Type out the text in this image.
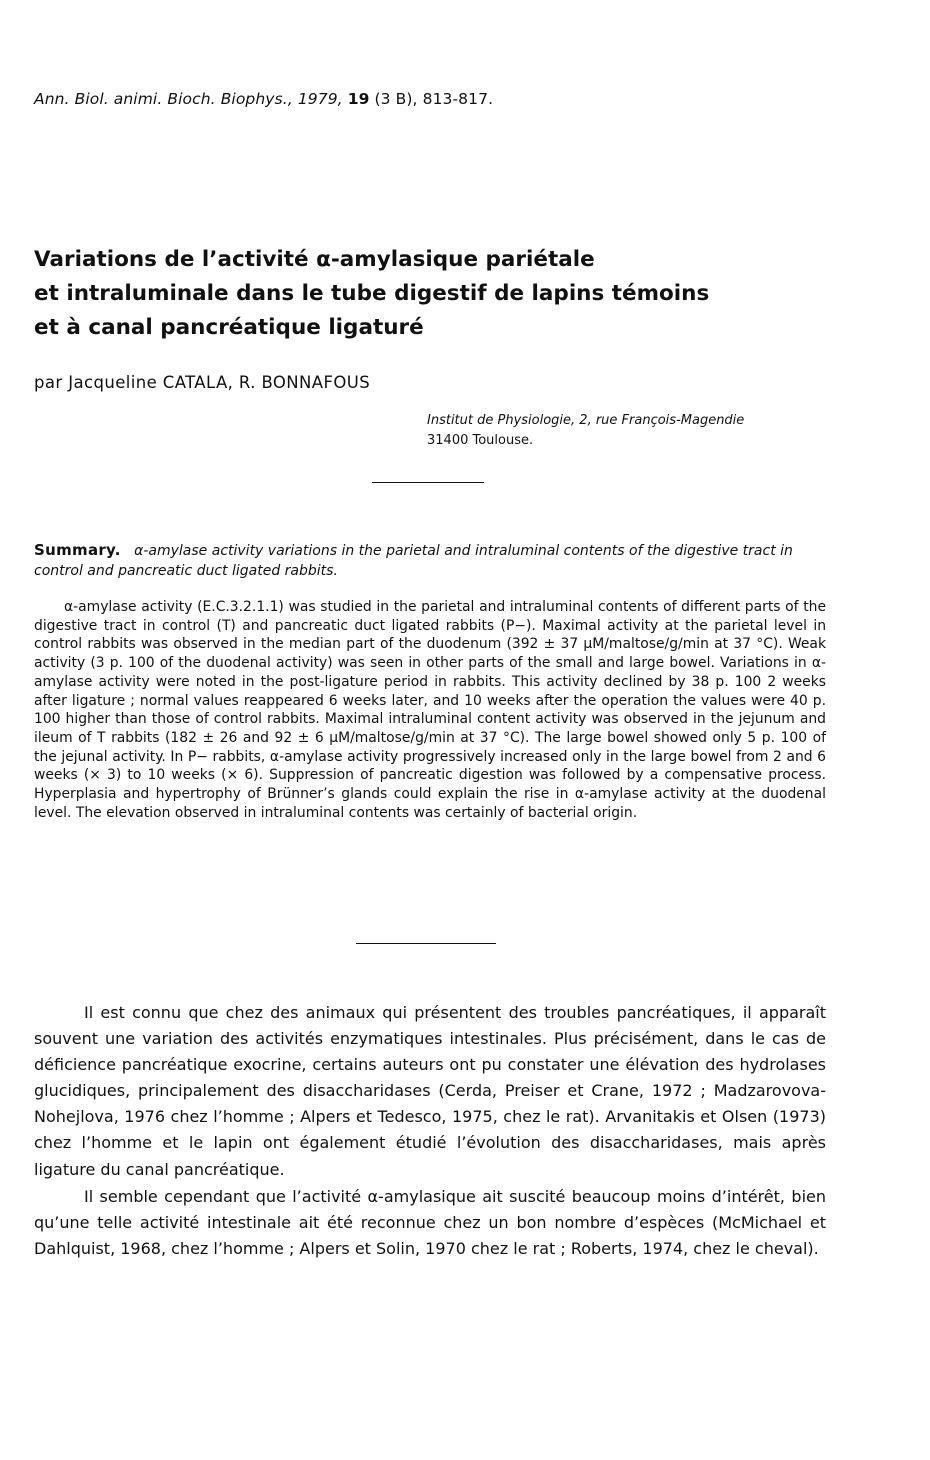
Ann. Biol. animi. Bioch. Biophys., 1979, 19 (3 B), 813-817.
Variations de l’activité α-amylasique pariétale
et intraluminale dans le tube digestif de lapins témoins
et à canal pancréatique ligaturé
par Jacqueline CATALA, R. BONNAFOUS
Institut de Physiologie, 2, rue François-Magendie
31400 Toulouse.

Summary. α-amylase activity variations in the parietal and intraluminal contents of the digestive tract in control and pancreatic duct ligated rabbits.

α-amylase activity (E.C.3.2.1.1) was studied in the parietal and intraluminal contents of different parts of the digestive tract in control (T) and pancreatic duct ligated rabbits (P−). Maximal activity at the parietal level in control rabbits was observed in the median part of the duodenum (392 ± 37 µM/maltose/g/min at 37 °C). Weak activity (3 p. 100 of the duodenal activity) was seen in other parts of the small and large bowel. Variations in α-amylase activity were noted in the post-ligature period in rabbits. This activity declined by 38 p. 100 2 weeks after ligature ; normal values reappeared 6 weeks later, and 10 weeks after the operation the values were 40 p. 100 higher than those of control rabbits. Maximal intraluminal content activity was observed in the jejunum and ileum of T rabbits (182 ± 26 and 92 ± 6 µM/maltose/g/min at 37 °C). The large bowel showed only 5 p. 100 of the jejunal activity. In P− rabbits, α-amylase activity progressively increased only in the large bowel from 2 and 6 weeks (× 3) to 10 weeks (× 6). Suppression of pancreatic digestion was followed by a compensative process. Hyperplasia and hypertrophy of Brünner’s glands could explain the rise in α-amylase activity at the duodenal level. The elevation observed in intraluminal contents was certainly of bacterial origin.

Il est connu que chez des animaux qui présentent des troubles pancréatiques, il apparaît souvent une variation des activités enzymatiques intestinales. Plus précisément, dans le cas de déficience pancréatique exocrine, certains auteurs ont pu constater une élévation des hydrolases glucidiques, principalement des disaccharidases (Cerda, Preiser et Crane, 1972 ; Madzarovova-Nohejlova, 1976 chez l’homme ; Alpers et Tedesco, 1975, chez le rat). Arvanitakis et Olsen (1973) chez l’homme et le lapin ont également étudié l’évolution des disaccharidases, mais après ligature du canal pancréatique.

Il semble cependant que l’activité α-amylasique ait suscité beaucoup moins d’intérêt, bien qu’une telle activité intestinale ait été reconnue chez un bon nombre d’espèces (McMichael et Dahlquist, 1968, chez l’homme ; Alpers et Solin, 1970 chez le rat ; Roberts, 1974, chez le cheval).
